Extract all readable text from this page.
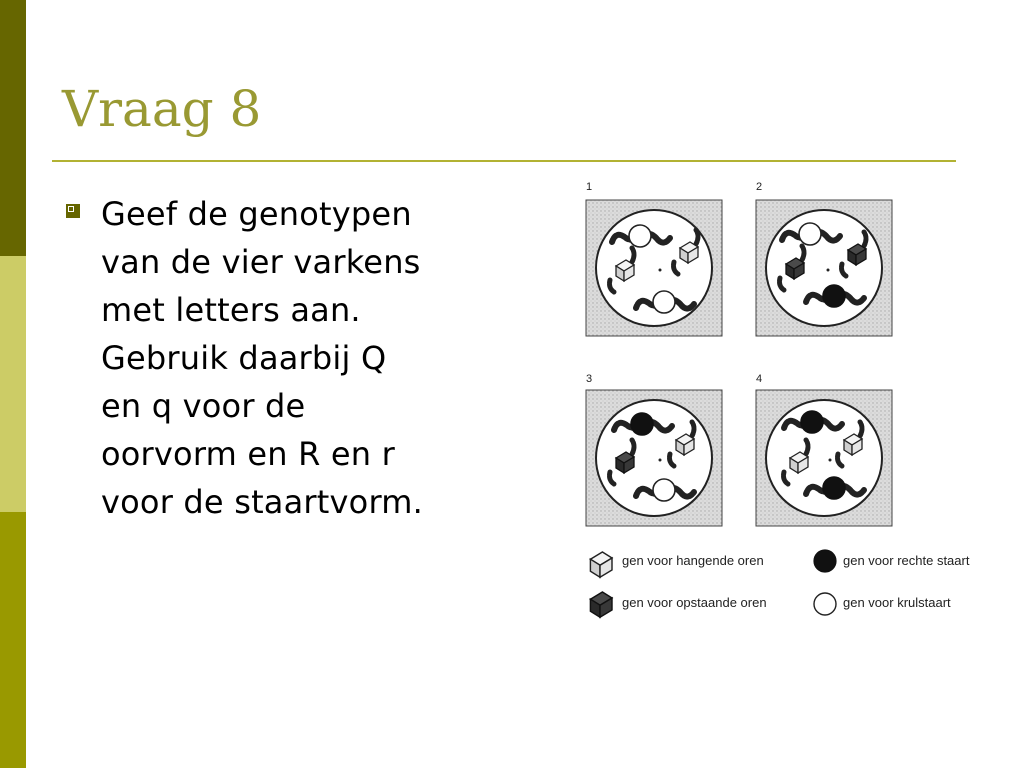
Vraag 8

Geef de genotypen
van de vier varkens
met letters aan.
Gebruik daarbij Q
en q voor de
oorvorm en R en r
voor de staartvorm.

1	2
3	4
gen voor hangende oren
gen voor opstaande oren
gen voor rechte staart
gen voor krulstaart
